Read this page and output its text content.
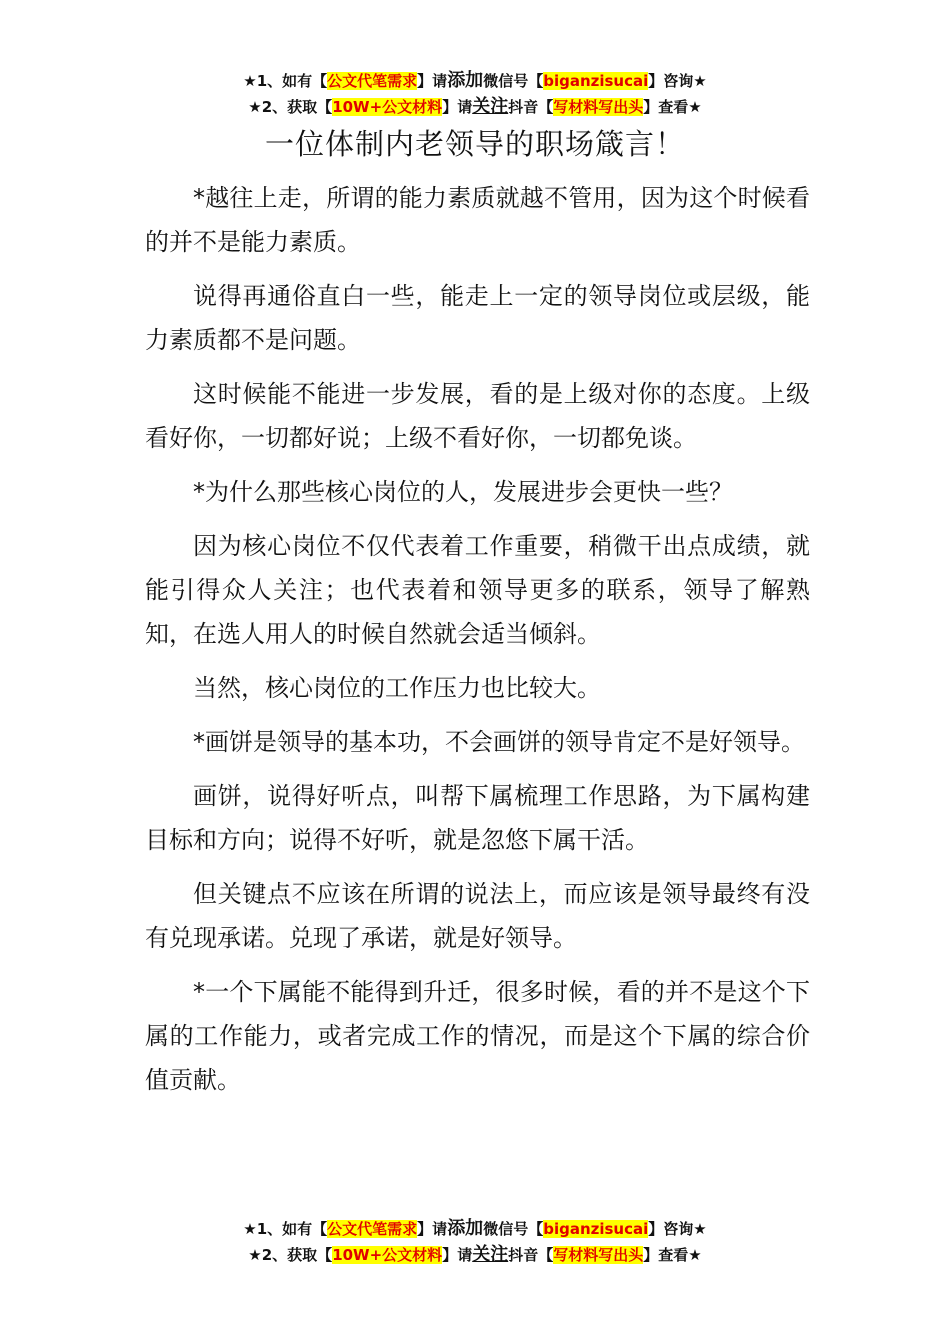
★1、如有【公文代笔需求】请添加微信号【biganzisucai】咨询★
★2、获取【10W+公文材料】请关注抖音【写材料写出头】查看★
一位体制内老领导的职场箴言！

*越往上走，所谓的能力素质就越不管用，因为这个时候看的并不是能力素质。

说得再通俗直白一些，能走上一定的领导岗位或层级，能力素质都不是问题。

这时候能不能进一步发展，看的是上级对你的态度。上级看好你，一切都好说；上级不看好你，一切都免谈。

*为什么那些核心岗位的人，发展进步会更快一些？

因为核心岗位不仅代表着工作重要，稍微干出点成绩，就能引得众人关注；也代表着和领导更多的联系，领导了解熟知，在选人用人的时候自然就会适当倾斜。

当然，核心岗位的工作压力也比较大。

*画饼是领导的基本功，不会画饼的领导肯定不是好领导。

画饼，说得好听点，叫帮下属梳理工作思路，为下属构建目标和方向；说得不好听，就是忽悠下属干活。

但关键点不应该在所谓的说法上，而应该是领导最终有没有兑现承诺。兑现了承诺，就是好领导。

*一个下属能不能得到升迁，很多时候，看的并不是这个下属的工作能力，或者完成工作的情况，而是这个下属的综合价值贡献。

★1、如有【公文代笔需求】请添加微信号【biganzisucai】咨询★
★2、获取【10W+公文材料】请关注抖音【写材料写出头】查看★
